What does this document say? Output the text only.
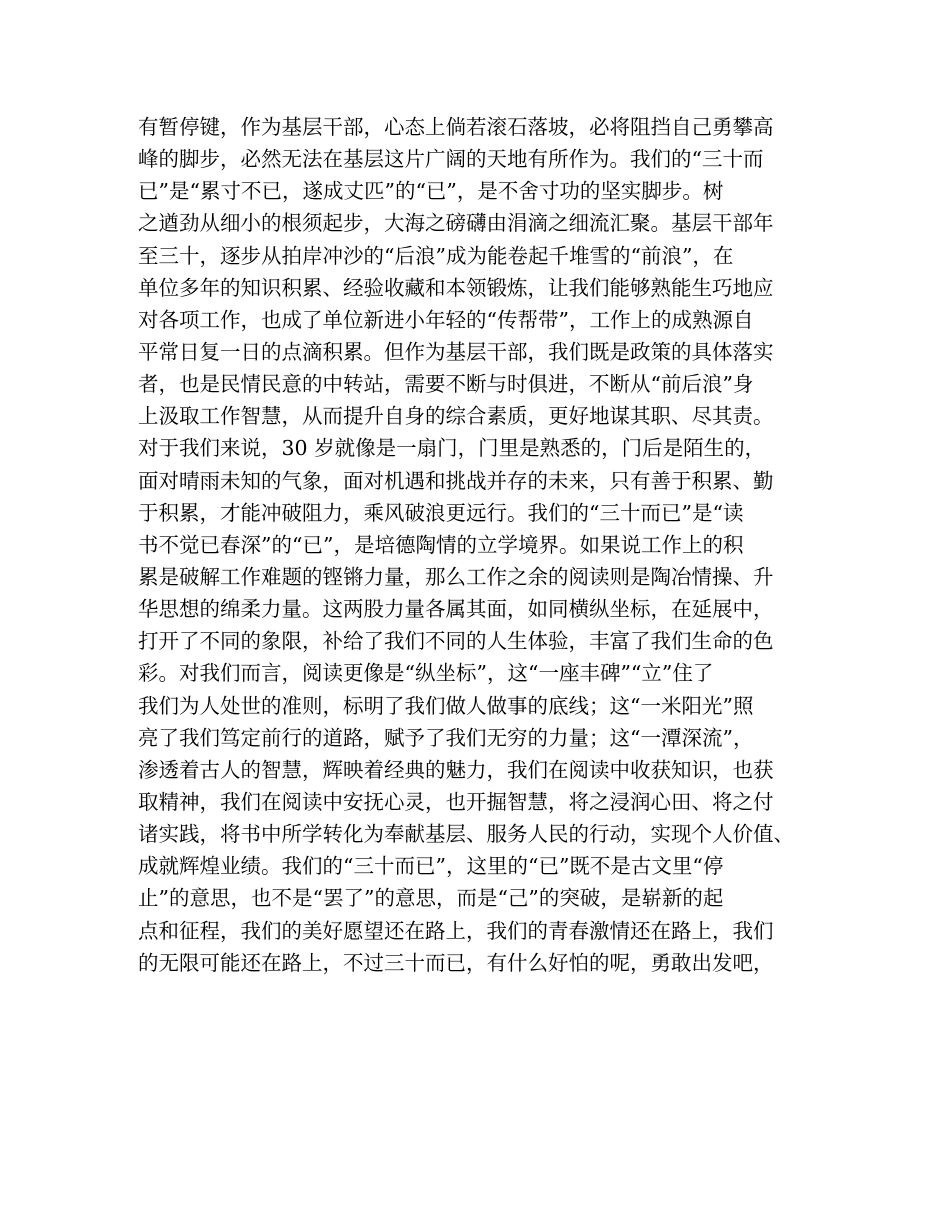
有暂停键，作为基层干部，心态上倘若滚石落坡，必将阻挡自己勇攀高
峰的脚步，必然无法在基层这片广阔的天地有所作为。我们的“三十而
已”是“累寸不已，遂成丈匹”的“已”，是不舍寸功的坚实脚步。树
之遒劲从细小的根须起步，大海之磅礴由涓滴之细流汇聚。基层干部年
至三十，逐步从拍岸冲沙的“后浪”成为能卷起千堆雪的“前浪”，在
单位多年的知识积累、经验收藏和本领锻炼，让我们能够熟能生巧地应
对各项工作，也成了单位新进小年轻的“传帮带”，工作上的成熟源自
平常日复一日的点滴积累。但作为基层干部，我们既是政策的具体落实
者，也是民情民意的中转站，需要不断与时俱进，不断从“前后浪”身
上汲取工作智慧，从而提升自身的综合素质，更好地谋其职、尽其责。
对于我们来说，30 岁就像是一扇门，门里是熟悉的，门后是陌生的，
面对晴雨未知的气象，面对机遇和挑战并存的未来，只有善于积累、勤
于积累，才能冲破阻力，乘风破浪更远行。我们的“三十而已”是“读
书不觉已春深”的“已”，是培德陶情的立学境界。如果说工作上的积
累是破解工作难题的铿锵力量，那么工作之余的阅读则是陶冶情操、升
华思想的绵柔力量。这两股力量各属其面，如同横纵坐标，在延展中，
打开了不同的象限，补给了我们不同的人生体验，丰富了我们生命的色
彩。对我们而言，阅读更像是“纵坐标”，这“一座丰碑”“立”住了
我们为人处世的准则，标明了我们做人做事的底线；这“一米阳光”照
亮了我们笃定前行的道路，赋予了我们无穷的力量；这“一潭深流”，
渗透着古人的智慧，辉映着经典的魅力，我们在阅读中收获知识，也获
取精神，我们在阅读中安抚心灵，也开掘智慧，将之浸润心田、将之付
诸实践，将书中所学转化为奉献基层、服务人民的行动，实现个人价值、
成就辉煌业绩。我们的“三十而已”，这里的“已”既不是古文里“停
止”的意思，也不是“罢了”的意思，而是“己”的突破，是崭新的起
点和征程，我们的美好愿望还在路上，我们的青春激情还在路上，我们
的无限可能还在路上，不过三十而已，有什么好怕的呢，勇敢出发吧，
